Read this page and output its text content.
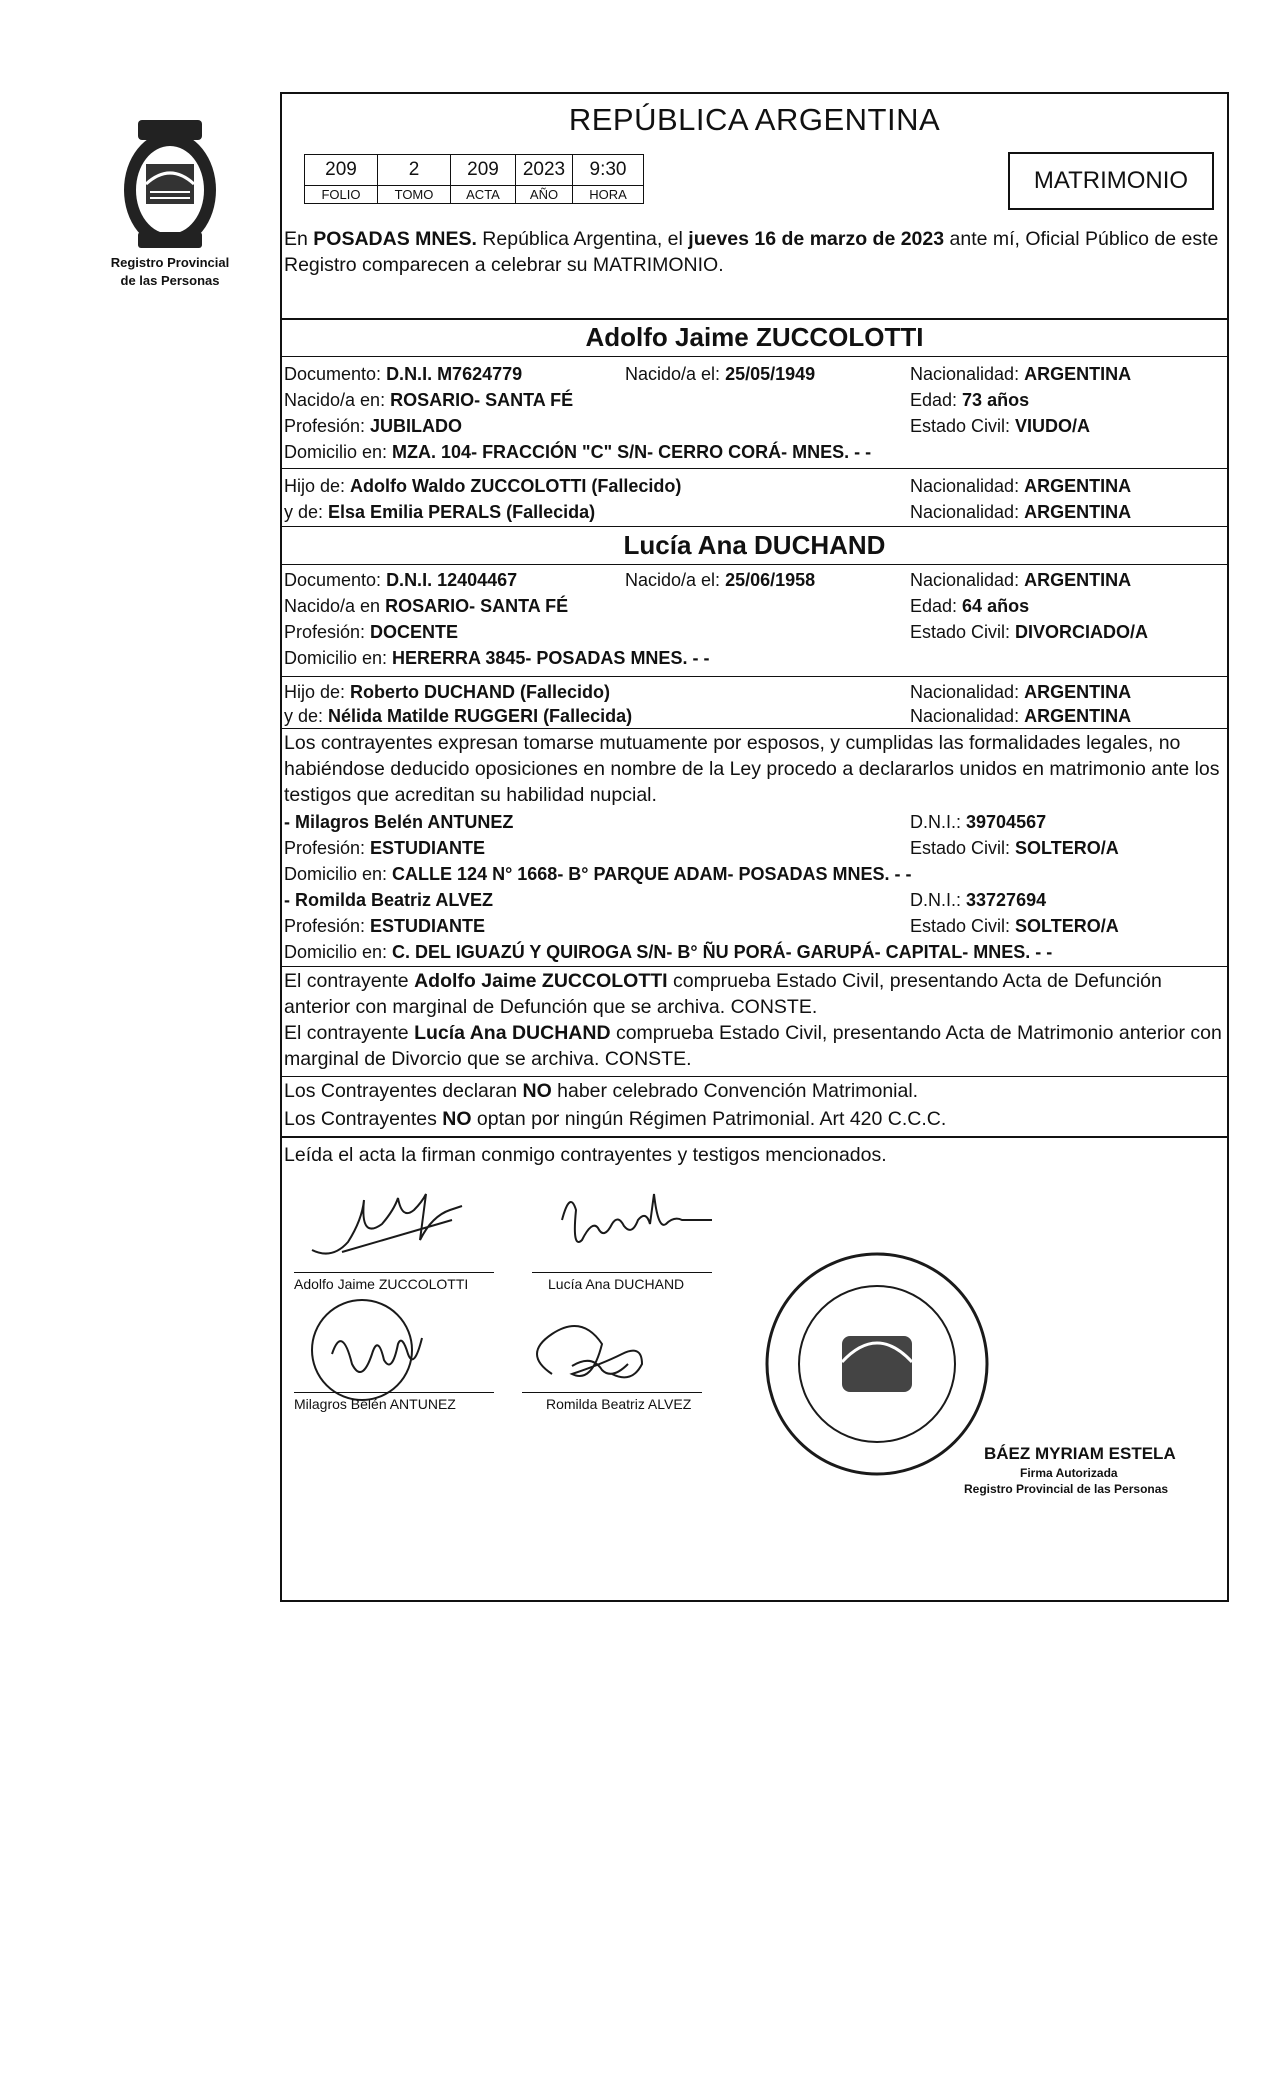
Registro Provincial
de las Personas
REPÚBLICA ARGENTINA
209	2	209	2023	9:30
FOLIO	TOMO	ACTA	AÑO	HORA
MATRIMONIO
En POSADAS MNES. República Argentina, el jueves 16 de marzo de 2023 ante mí, Oficial Público de este Registro comparecen a celebrar su MATRIMONIO.
Adolfo Jaime ZUCCOLOTTI
Documento: D.N.I. M7624779	Nacido/a el: 25/05/1949	Nacionalidad: ARGENTINA
Nacido/a en: ROSARIO- SANTA FÉ	Edad: 73 años
Profesión: JUBILADO	Estado Civil: VIUDO/A
Domicilio en: MZA. 104- FRACCIÓN "C" S/N- CERRO CORÁ- MNES. - -
Hijo de: Adolfo Waldo ZUCCOLOTTI (Fallecido)	Nacionalidad: ARGENTINA
y de: Elsa Emilia PERALS (Fallecida)	Nacionalidad: ARGENTINA
Lucía Ana DUCHAND
Documento: D.N.I. 12404467	Nacido/a el: 25/06/1958	Nacionalidad: ARGENTINA
Nacido/a en ROSARIO- SANTA FÉ	Edad: 64 años
Profesión: DOCENTE	Estado Civil: DIVORCIADO/A
Domicilio en: HERERRA 3845- POSADAS MNES. - -
Hijo de: Roberto DUCHAND (Fallecido)	Nacionalidad: ARGENTINA
y de: Nélida Matilde RUGGERI (Fallecida)	Nacionalidad: ARGENTINA
Los contrayentes expresan tomarse mutuamente por esposos, y cumplidas las formalidades legales, no habiéndose deducido oposiciones en nombre de la Ley procedo a declararlos unidos en matrimonio ante los testigos que acreditan su habilidad nupcial.
- Milagros Belén ANTUNEZ	D.N.I.: 39704567
Profesión: ESTUDIANTE	Estado Civil: SOLTERO/A
Domicilio en: CALLE 124 N° 1668- B° PARQUE ADAM- POSADAS MNES. - -
- Romilda Beatriz ALVEZ	D.N.I.: 33727694
Profesión: ESTUDIANTE	Estado Civil: SOLTERO/A
Domicilio en: C. DEL IGUAZÚ Y QUIROGA S/N- B° ÑU PORÁ- GARUPÁ- CAPITAL- MNES. - -
El contrayente Adolfo Jaime ZUCCOLOTTI comprueba Estado Civil, presentando Acta de Defunción anterior con marginal de Defunción que se archiva. CONSTE.
El contrayente Lucía Ana DUCHAND comprueba Estado Civil, presentando Acta de Matrimonio anterior con marginal de Divorcio que se archiva. CONSTE.
Los Contrayentes declaran NO haber celebrado Convención Matrimonial.
Los Contrayentes NO optan por ningún Régimen Patrimonial. Art 420 C.C.C.
Leída el acta la firman conmigo contrayentes y testigos mencionados.
Adolfo Jaime ZUCCOLOTTI	Lucía Ana DUCHAND
Milagros Belén ANTUNEZ	Romilda Beatriz ALVEZ
BÁEZ MYRIAM ESTELA
Firma Autorizada
Registro Provincial de las Personas
